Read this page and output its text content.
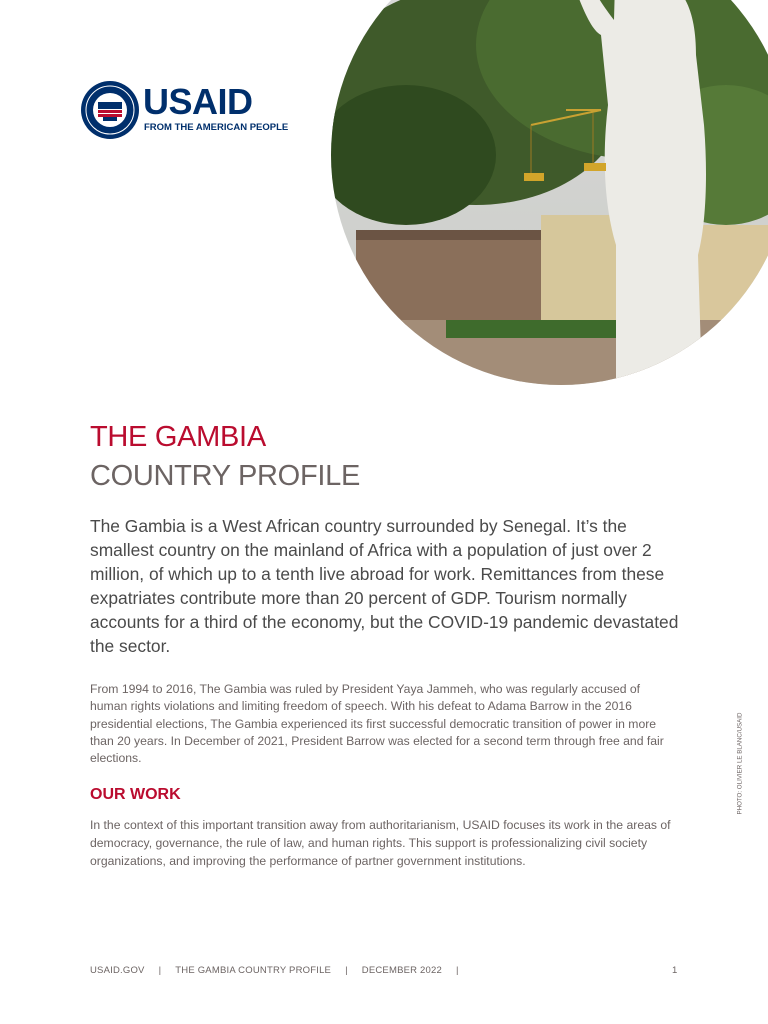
USAID
FROM THE AMERICAN PEOPLE
THE GAMBIA
COUNTRY PROFILE

The Gambia is a West African country surrounded by Senegal. It’s the smallest country on the mainland of Africa with a population of just over 2 million, of which up to a tenth live abroad for work. Remittances from these expatriates contribute more than 20 percent of GDP. Tourism normally accounts for a third of the economy, but the COVID-19 pandemic devastated the sector.

From 1994 to 2016, The Gambia was ruled by President Yaya Jammeh, who was regularly accused of human rights violations and limiting freedom of speech. With his defeat to Adama Barrow in the 2016 presidential elections, The Gambia experienced its first successful democratic transition of power in more than 20 years. In December of 2021, President Barrow was elected for a second term through free and fair elections.

OUR WORK

In the context of this important transition away from authoritarianism, USAID focuses its work in the areas of democracy, governance, the rule of law, and human rights. This support is professionalizing civil society organizations, and improving the performance of partner government institutions.

PHOTO: OLIVIER LE BLANC/USAID
USAID.GOV | THE GAMBIA COUNTRY PROFILE | DECEMBER 2022 |	1
